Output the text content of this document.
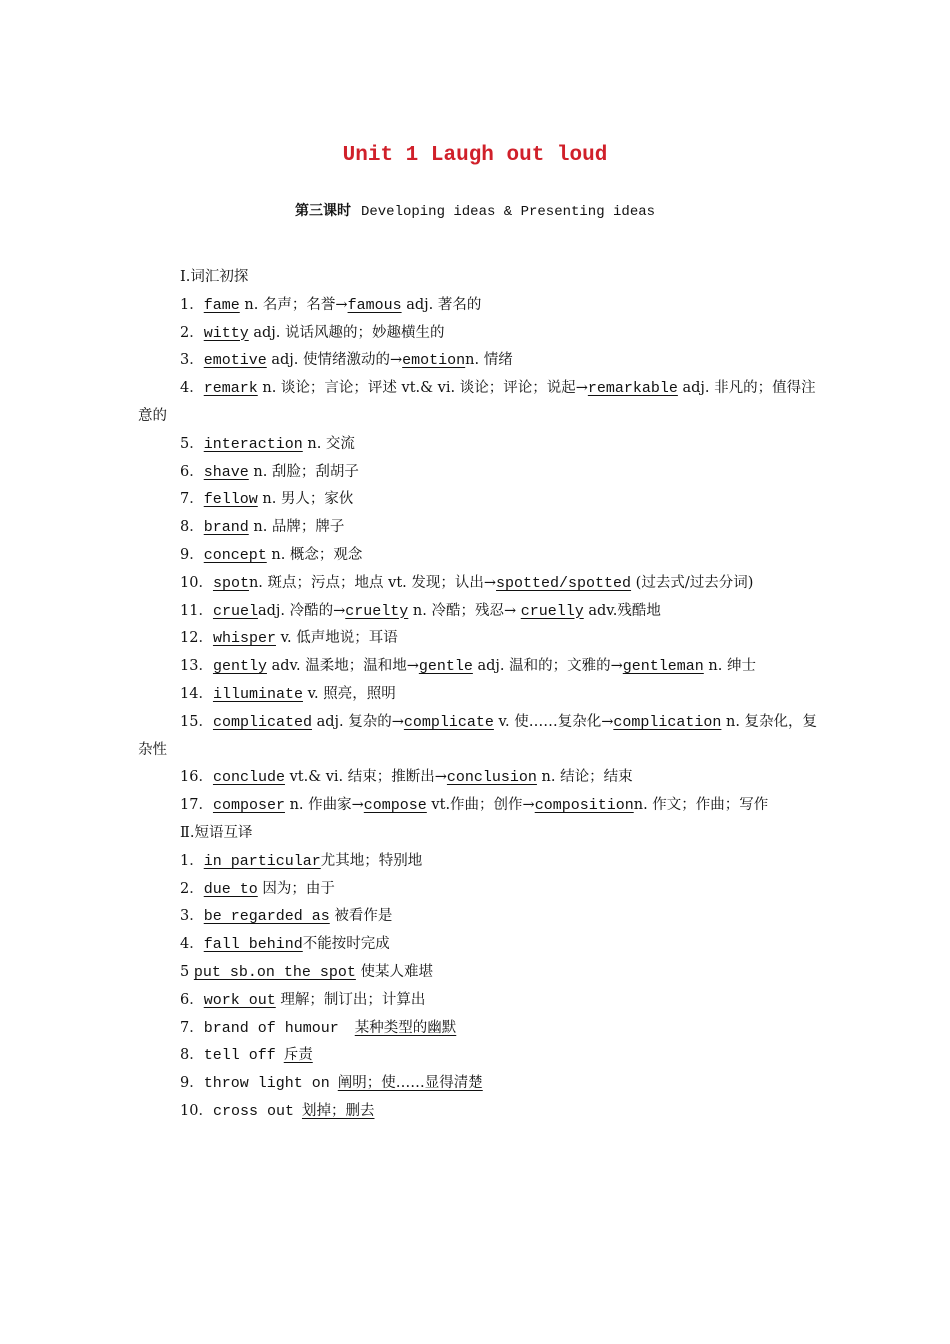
Unit 1 Laugh out loud
第三课时 Developing ideas & Presenting ideas
Ⅰ.词汇初探
1．fame n. 名声；名誉→famous adj. 著名的
2．witty adj. 说话风趣的；妙趣横生的
3．emotive adj. 使情绪激动的→emotionn. 情绪
4．remark n. 谈论；言论；评述 vt.& vi. 谈论；评论；说起→remarkable adj. 非凡的；值得注意的
5．interaction n. 交流
6．shave n. 刮脸；刮胡子
7．fellow n. 男人；家伙
8．brand n. 品牌；牌子
9．concept n. 概念；观念
10．spotn. 斑点；污点；地点 vt. 发现；认出→spotted/spotted (过去式/过去分词)
11．crueladj. 冷酷的→cruelty n. 冷酷；残忍→ cruelly adv.残酷地
12．whisper v. 低声地说；耳语
13．gently adv. 温柔地；温和地→gentle adj. 温和的；文雅的→gentleman n. 绅士
14．illuminate v. 照亮，照明
15．complicated adj. 复杂的→complicate v. 使……复杂化→complication n. 复杂化，复杂性
16．conclude vt.& vi. 结束；推断出→conclusion n. 结论；结束
17．composer n. 作曲家→compose vt.作曲；创作→compositionn. 作文；作曲；写作
Ⅱ.短语互译
1．in particular尤其地；特别地
2．due to 因为；由于
3．be regarded as 被看作是
4．fall behind不能按时完成
5 put sb.on the spot 使某人难堪
6．work out 理解；制订出；计算出
7．brand of humour 某种类型的幽默
8．tell off 斥责
9．throw light on 阐明；使……显得清楚
10．cross out 划掉；删去
